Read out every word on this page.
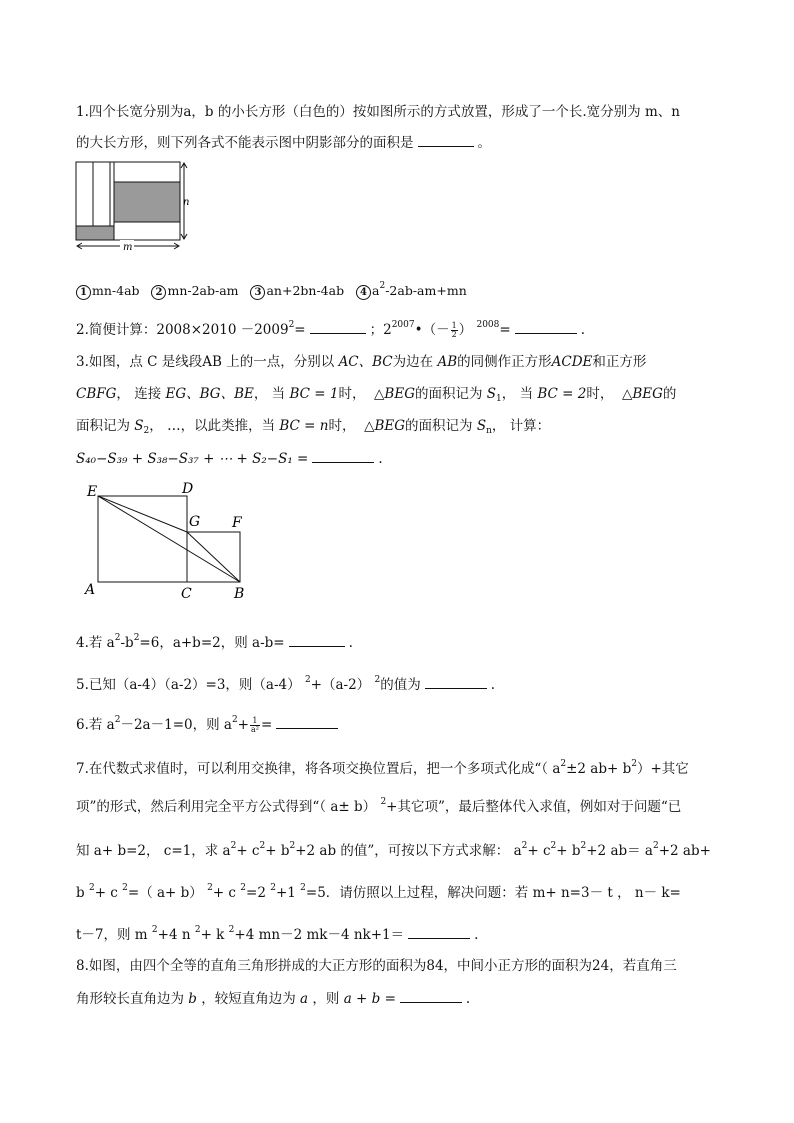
1.四个长宽分别为a，b 的小长方形（白色的）按如图所示的方式放置，形成了一个长.宽分别为 m、n
的大长方形，则下列各式不能表示图中阴影部分的面积是	。
n
m
1 mn-4ab 2 mn-2ab-am 3 an+2bn-4ab 4 $a^2-2ab-am+mn$
2.简便计算：$2008\times 2010 -2009^2=$	；$2^{2007}•(- \frac{1}{2}$ ） $^{2008}$=	.
3.如图，点 C 是线段AB 上的一点，分别以 AC、BC为边在 AB的同侧作正方形ACDE和正方形
CBFG， 连接 EG、BG、BE， 当 BC = 1时， △BEG的面积记为 $S_1$， 当 BC = 2时， △BEG的
面积记为 $S_2$， …，以此类推，当 BC = n时， △BEG的面积记为 $S_n$， 计算：
S₄₀−S₃₉ + S₃₈−S₃₇ + ⋯ + S₂−S₁ =	.
E	D
G F
A	C	B
4.若 $a^2-b^2=6$，a+b=2，则 a-b=	.
5.已知（a-4）（a-2）=3，则（a-4） $^2$+（a-2） $^2$的值为	.
6.若 $a^2-2a-1=0$，则 $a^2+ \frac{1}{\text{a²}}$ =
7.在代数式求值时，可以利用交换律，将各项交换位置后，把一个多项式化成“（ $a^2\pm 2$ $ab+ b^2)+$其它
项”的形式，然后利用完全平方公式得到“（ a± b） $^2$+其它项”，最后整体代入求值，例如对于问题“已
知 a+ b=2， c=1，求 $a^2+ c^2+ b^2+2$ ab 的值”，可按以下方式求解： $a^2+ c^2+ b^2+2$ $ab= a^2+2$ ab+
b $^2$+ c $^2$=（ a+ b） $^2$+ c $^2$=2 $^2$+1 $^2$=5．请仿照以上过程，解决问题：若 m+ n=3－ t ， n－ k=
t－7，则 m $^2$+4 n $^2$+ k $^2$+4 mn－2 mk－4 nk+1＝	.
8.如图，由四个全等的直角三角形拼成的大正方形的面积为84，中间小正方形的面积为24，若直角三
角形较长直角边为 b ，较短直角边为 a ，则 a + b =	.
